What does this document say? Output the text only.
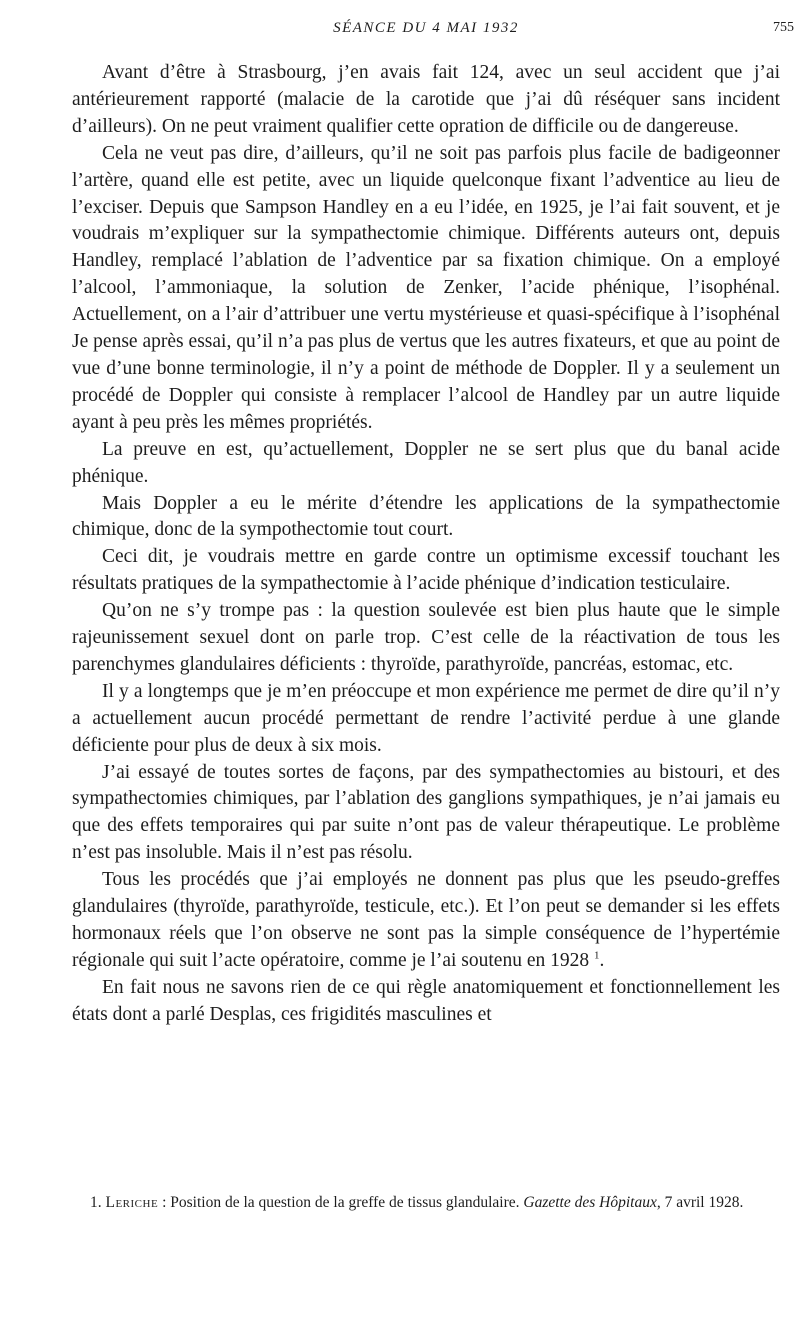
SÉANCE DU 4 MAI 1932	755

Avant d’être à Strasbourg, j’en avais fait 124, avec un seul accident que j’ai antérieurement rapporté (malacie de la carotide que j’ai dû réséquer sans incident d’ailleurs). On ne peut vraiment qualifier cette opration de difficile ou de dangereuse.

Cela ne veut pas dire, d’ailleurs, qu’il ne soit pas parfois plus facile de badigeonner l’artère, quand elle est petite, avec un liquide quelconque fixant l’adventice au lieu de l’exciser. Depuis que Sampson Handley en a eu l’idée, en 1925, je l’ai fait souvent, et je voudrais m’expliquer sur la sympathectomie chimique. Différents auteurs ont, depuis Handley, remplacé l’ablation de l’adventice par sa fixation chimique. On a employé l’alcool, l’ammoniaque, la solution de Zenker, l’acide phénique, l’isophénal. Actuellement, on a l’air d’attribuer une vertu mystérieuse et quasi-spécifique à l’isophénal Je pense après essai, qu’il n’a pas plus de vertus que les autres fixateurs, et que au point de vue d’une bonne terminologie, il n’y a point de méthode de Doppler. Il y a seulement un procédé de Doppler qui consiste à remplacer l’alcool de Handley par un autre liquide ayant à peu près les mêmes propriétés.

La preuve en est, qu’actuellement, Doppler ne se sert plus que du banal acide phénique.

Mais Doppler a eu le mérite d’étendre les applications de la sympathectomie chimique, donc de la sympothectomie tout court.

Ceci dit, je voudrais mettre en garde contre un optimisme excessif touchant les résultats pratiques de la sympathectomie à l’acide phénique d’indication testiculaire.

Qu’on ne s’y trompe pas : la question soulevée est bien plus haute que le simple rajeunissement sexuel dont on parle trop. C’est celle de la réactivation de tous les parenchymes glandulaires déficients : thyroïde, parathyroïde, pancréas, estomac, etc.

Il y a longtemps que je m’en préoccupe et mon expérience me permet de dire qu’il n’y a actuellement aucun procédé permettant de rendre l’activité perdue à une glande déficiente pour plus de deux à six mois.

J’ai essayé de toutes sortes de façons, par des sympathectomies au bistouri, et des sympathectomies chimiques, par l’ablation des ganglions sympathiques, je n’ai jamais eu que des effets temporaires qui par suite n’ont pas de valeur thérapeutique. Le problème n’est pas insoluble. Mais il n’est pas résolu.

Tous les procédés que j’ai employés ne donnent pas plus que les pseudo-greffes glandulaires (thyroïde, parathyroïde, testicule, etc.). Et l’on peut se demander si les effets hormonaux réels que l’on observe ne sont pas la simple conséquence de l’hypertémie régionale qui suit l’acte opératoire, comme je l’ai soutenu en 1928 $^1$.

En fait nous ne savons rien de ce qui règle anatomiquement et fonctionnellement les états dont a parlé Desplas, ces frigidités masculines et

1. Leriche : Position de la question de la greffe de tissus glandulaire. Gazette des Hôpitaux, 7 avril 1928.
